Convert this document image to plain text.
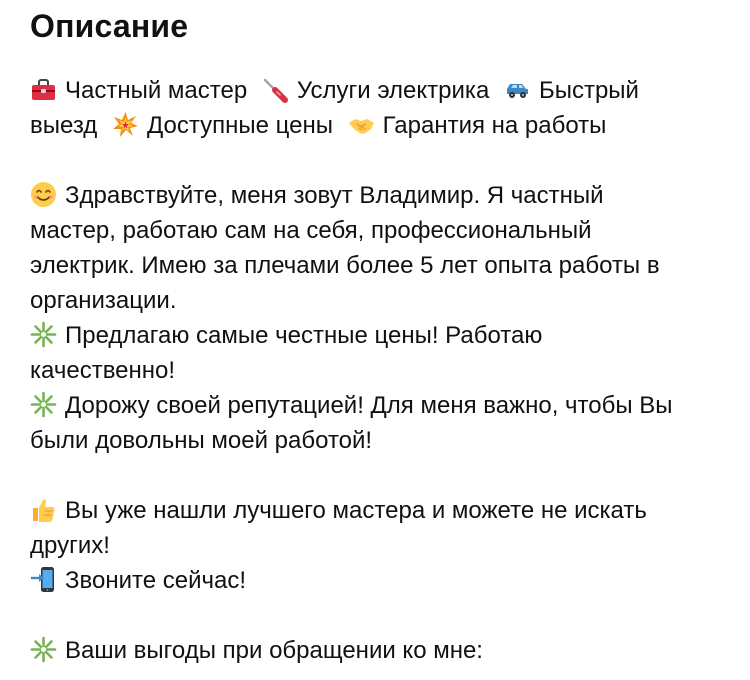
Описание
Частный мастер Услуги электрика Быстрый
выезд Доступные цены Гарантия на работы
Здравствуйте, меня зовут Владимир. Я частный
мастер, работаю сам на себя, профессиональный
электрик. Имею за плечами более 5 лет опыта работы в
организации.
Предлагаю самые честные цены! Работаю
качественно!
Дорожу своей репутацией! Для меня важно, чтобы Вы
были довольны моей работой!
Вы уже нашли лучшего мастера и можете не искать
других!
Звоните сейчас!
Ваши выгоды при обращении ко мне:
